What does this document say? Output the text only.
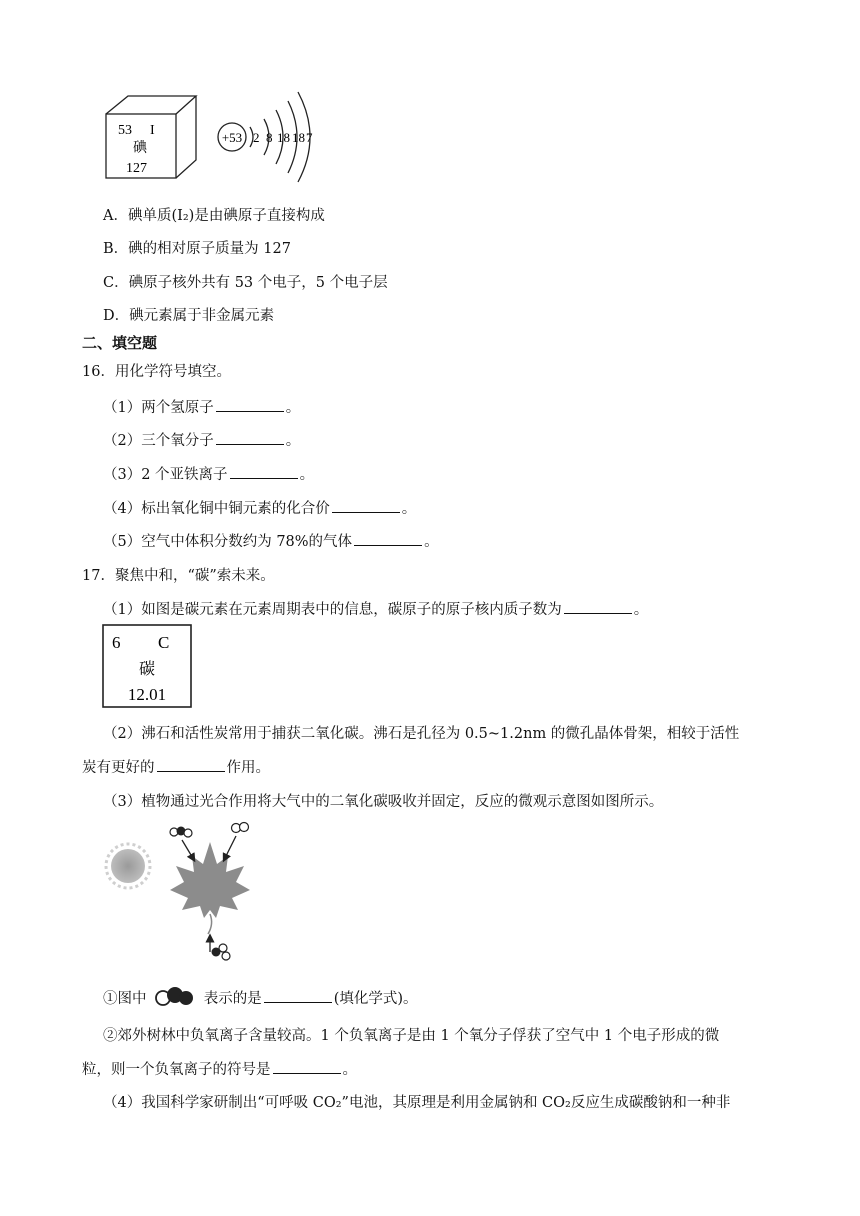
53 I
碘
127
+53 2 8 18 18 7
A．碘单质(I₂)是由碘原子直接构成
B．碘的相对原子质量为 127
C．碘原子核外共有 53 个电子，5 个电子层
D．碘元素属于非金属元素
二、填空题
16．用化学符号填空。
（1）两个氢原子	。
（2）三个氧分子	。
（3）2 个亚铁离子	。
（4）标出氧化铜中铜元素的化合价	。
（5）空气中体积分数约为 78%的气体	。
17．聚焦中和，“碳”索未来。
（1）如图是碳元素在元素周期表中的信息，碳原子的原子核内质子数为	。
6 C
碳
12.01
（2）沸石和活性炭常用于捕获二氧化碳。沸石是孔径为 0.5~1.2nm 的微孔晶体骨架，相较于活性
炭有更好的	作用。
（3）植物通过光合作用将大气中的二氧化碳吸收并固定，反应的微观示意图如图所示。
①图中	表示的是	(填化学式)。
②郊外树林中负氧离子含量较高。1 个负氧离子是由 1 个氧分子俘获了空气中 1 个电子形成的微
粒，则一个负氧离子的符号是	。
（4）我国科学家研制出“可呼吸 CO₂”电池，其原理是利用金属钠和 CO₂反应生成碳酸钠和一种非
